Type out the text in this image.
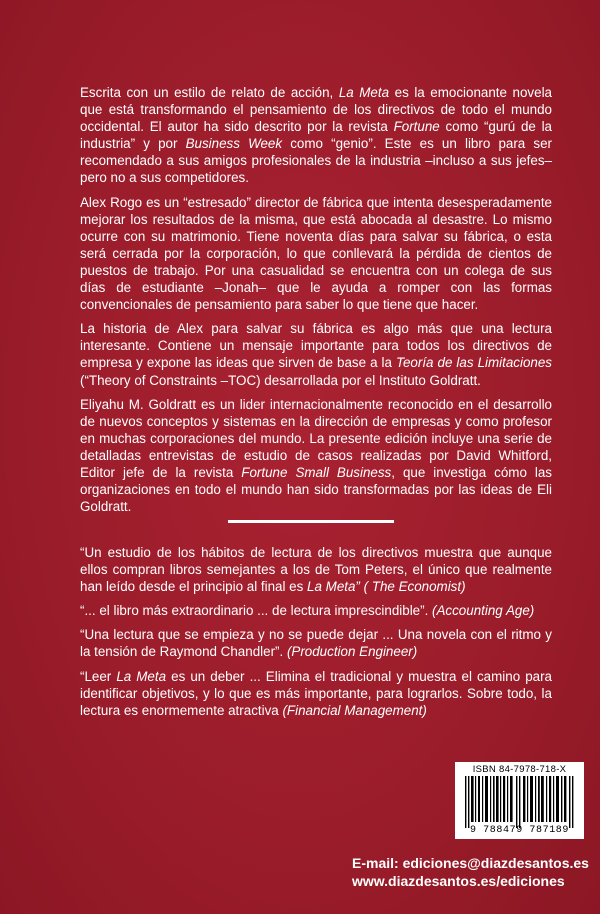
Escrita con un estilo de relato de acción, La Meta es la emocionante novela que está transformando el pensamiento de los directivos de todo el mundo occidental. El autor ha sido descrito por la revista Fortune como “gurú de la industria” y por Business Week como “genio”. Este es un libro para ser recomendado a sus amigos profesionales de la industria –incluso a sus jefes– pero no a sus competidores.

Alex Rogo es un “estresado” director de fábrica que intenta desesperadamente mejorar los resultados de la misma, que está abocada al desastre. Lo mismo ocurre con su matrimonio. Tiene noventa días para salvar su fábrica, o esta será cerrada por la corporación, lo que conllevará la pérdida de cientos de puestos de trabajo. Por una casualidad se encuentra con un colega de sus días de estudiante –Jonah– que le ayuda a romper con las formas convencionales de pensamiento para saber lo que tiene que hacer.

La historia de Alex para salvar su fábrica es algo más que una lectura interesante. Contiene un mensaje importante para todos los directivos de empresa y expone las ideas que sirven de base a la Teoría de las Limitaciones (“Theory of Constraints –TOC) desarrollada por el Instituto Goldratt.

Eliyahu M. Goldratt es un lider internacionalmente reconocido en el desarrollo de nuevos conceptos y sistemas en la dirección de empresas y como profesor en muchas corporaciones del mundo. La presente edición incluye una serie de detalladas entrevistas de estudio de casos realizadas por David Whitford, Editor jefe de la revista Fortune Small Business, que investiga cómo las organizaciones en todo el mundo han sido transformadas por las ideas de Eli Goldratt.

“Un estudio de los hábitos de lectura de los directivos muestra que aunque ellos compran libros semejantes a los de Tom Peters, el único que realmente han leído desde el principio al final es La Meta” ( The Economist)

“... el libro más extraordinario ... de lectura imprescindible”. (Accounting Age)

“Una lectura que se empieza y no se puede dejar ... Una novela con el ritmo y la tensión de Raymond Chandler”. (Production Engineer)

“Leer La Meta es un deber ... Elimina el tradicional y muestra el camino para identificar objetivos, y lo que es más importante, para lograrlos. Sobre todo, la lectura es enormemente atractiva (Financial Management)

ISBN 84-7978-718-X
9 788479 787189
E-mail: ediciones@diazdesantos.es
www.diazdesantos.es/ediciones
